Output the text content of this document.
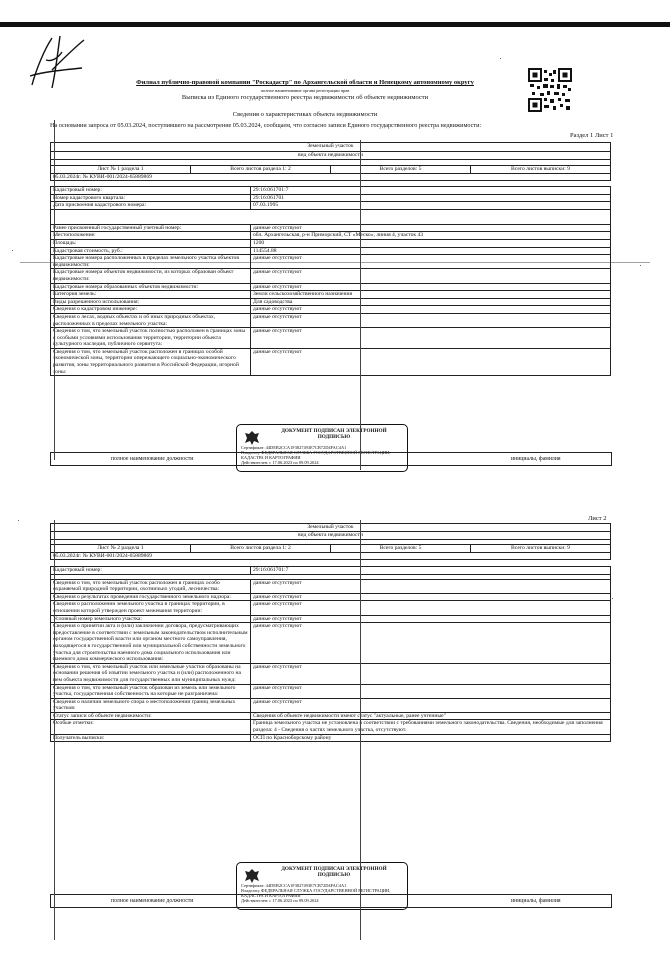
Филиал публично-правовой компании "Роскадастр" по Архангельской области и Ненецкому автономному округу
полное наименование органа регистрации прав
Выписка из Единого государственного реестра недвижимости об объекте недвижимости
Сведения о характеристиках объекта недвижимости
На основании запроса от 05.03.2024, поступившего на рассмотрение 05.03.2024, сообщаем, что согласно записи Единого государственного реестра недвижимости:
Раздел 1 Лист 1
Земельный участок
вид объекта недвижимости

Лист № 1 раздела 1	Всего листов раздела 1: 2	Всего разделов: 5	Всего листов выписки: 9
05.03.2024г. № КУВИ-001/2024-65889869
Кадастровый номер:	29:16:061701:7
Номер кадастрового квартала:	29:16:061701
Дата присвоения кадастрового номера:	07.03.1995

Ранее присвоенный государственный учетный номер:	данные отсутствуют
Местоположение:	обл. Архангельская, р-н Приморский, СТ «Меско», линия 4, участок 43
Площадь:	1200
Кадастровая стоимость, руб.:	114554.88
Кадастровые номера расположенных в пределах земельного участка объектов недвижимости:	данные отсутствуют
Кадастровые номера объектов недвижимости, из которых образован объект недвижимости:	данные отсутствуют
Кадастровые номера образованных объектов недвижимости:	данные отсутствуют
Категория земель:	Земли сельскохозяйственного назначения
Виды разрешенного использования:	Для садоводства
Сведения о кадастровом инженере:	данные отсутствуют
Сведения о лесах, водных объектах и об иных природных объектах, расположенных в пределах земельного участка:	данные отсутствуют
Сведения о том, что земельный участок полностью расположен в границах зоны с особыми условиями использования территории, территории объекта культурного наследия, публичного сервитута:	данные отсутствуют
Сведения о том, что земельный участок расположен в границах особой экономической зоны, территории опережающего социально-экономического развития, зоны территориального развития в Российской Федерации, игорной зоны:	данные отсутствуют
ДОКУМЕНТ ПОДПИСАН ЭЛЕКТРОННОЙ ПОДПИСЬЮ
Сертификат: 44DEB2CCA1F3827493E7CB72D4FAC4A1
Владелец: ФЕДЕРАЛЬНАЯ СЛУЖБА ГОСУДАРСТВЕННОЙ РЕГИСТРАЦИИ, КАДАСТРА И КАРТОГРАФИИ
Действителен: с 17.06.2023 по 09.09.2024
полное наименование должности	инициалы, фамилия
Лист 2
Земельный участок
вид объекта недвижимости

Лист № 2 раздела 1	Всего листов раздела 1: 2	Всего разделов: 5	Всего листов выписки: 9
05.03.2024г. № КУВИ-001/2024-65889869
Кадастровый номер:	29:16:061701:7

Сведения о том, что земельный участок расположен в границах особо охраняемой природной территории, охотничьих угодий, лесничества:	данные отсутствуют
Сведения о результатах проведения государственного земельного надзора:	данные отсутствуют
Сведения о расположении земельного участка в границах территории, в отношении которой утвержден проект межевания территории:	данные отсутствуют
Условный номер земельного участка:	данные отсутствуют
Сведения о принятии акта и (или) заключении договора, предусматривающих предоставление в соответствии с земельным законодательством исполнительным органом государственной власти или органом местного самоуправления, находящегося в государственной или муниципальной собственности земельного участка для строительства наемного дома социального использования или наемного дома коммерческого использования:	данные отсутствуют
Сведения о том, что земельный участок или земельные участки образованы на основании решения об изъятии земельного участка и (или) расположенного на нем объекта недвижимости для государственных или муниципальных нужд:	данные отсутствуют
Сведения о том, что земельный участок образован из земель или земельного участка, государственная собственность на которые не разграничена:	данные отсутствуют
Сведения о наличии земельного спора о местоположении границ земельных участков:	данные отсутствуют
Статус записи об объекте недвижимости:	Сведения об объекте недвижимости имеют статус "актуальные, ранее учтенные"
Особые отметки:	Граница земельного участка не установлена в соответствии с требованиями земельного законодательства. Сведения, необходимые для заполнения раздела: 4 - Сведения о частях земельного участка, отсутствуют.
Получатель выписки:	ОСП по Красноборскому району
ДОКУМЕНТ ПОДПИСАН ЭЛЕКТРОННОЙ ПОДПИСЬЮ
Сертификат: 44DEB2CCA1F3827493E7CB72D4FAC4A1
Владелец: ФЕДЕРАЛЬНАЯ СЛУЖБА ГОСУДАРСТВЕННОЙ РЕГИСТРАЦИИ, КАДАСТРА И КАРТОГРАФИИ
Действителен: с 17.06.2023 по 09.09.2024
полное наименование должности	инициалы, фамилия
